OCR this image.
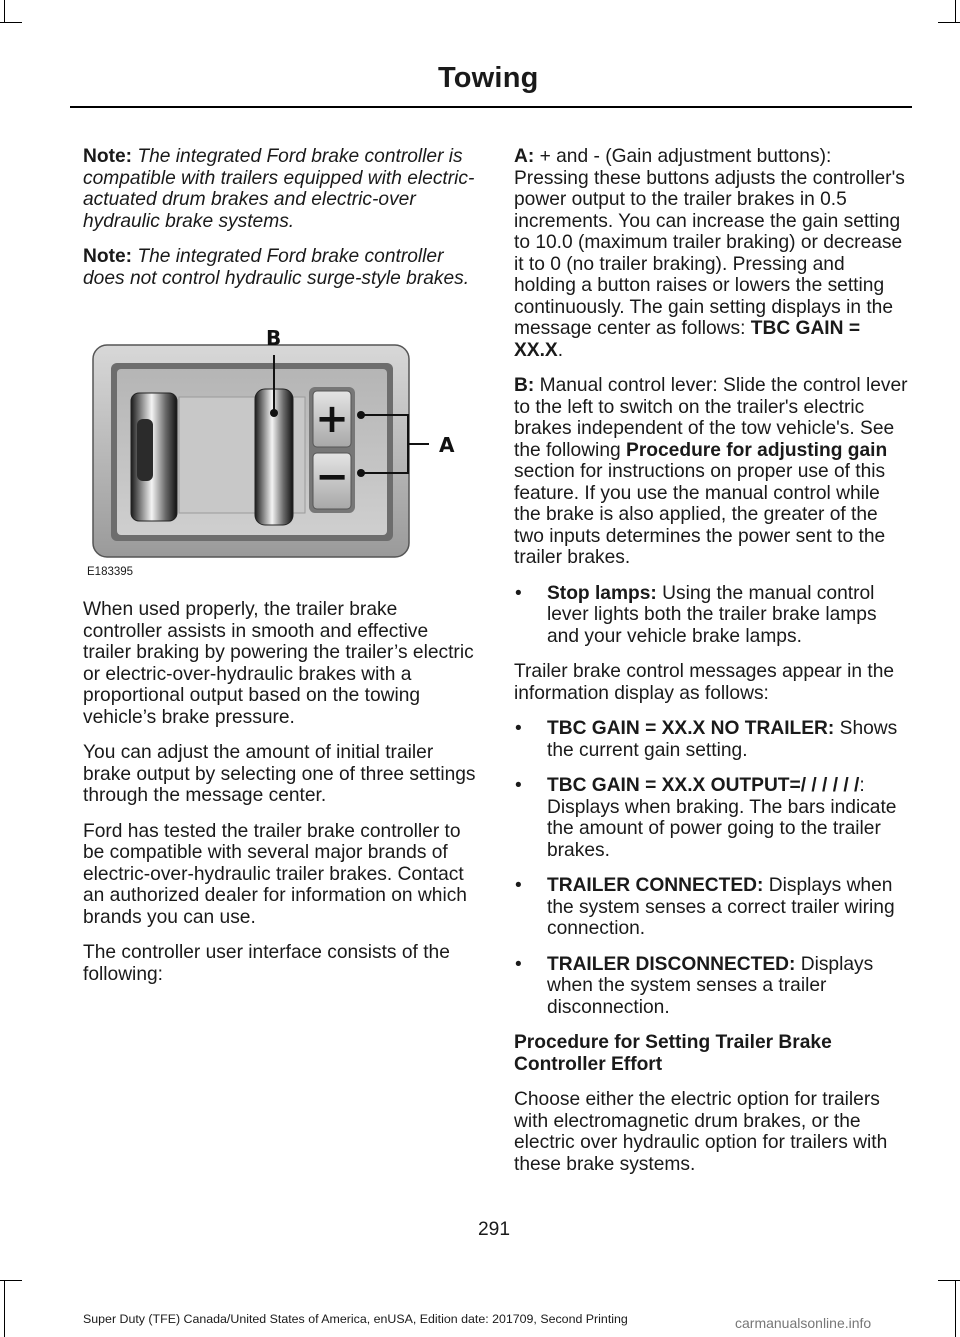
Towing

Note: The integrated Ford brake controller is compatible with trailers equipped with electric-actuated drum brakes and electric-over hydraulic brake systems.

Note: The integrated Ford brake controller does not control hydraulic surge-style brakes.

+
−
B
A
E183395

When used properly, the trailer brake controller assists in smooth and effective trailer braking by powering the trailer’s electric or electric-over-hydraulic brakes with a proportional output based on the towing vehicle’s brake pressure.

You can adjust the amount of initial trailer brake output by selecting one of three settings through the message center.

Ford has tested the trailer brake controller to be compatible with several major brands of electric-over-hydraulic trailer brakes. Contact an authorized dealer for information on which brands you can use.

The controller user interface consists of the following:

A: + and - (Gain adjustment buttons): Pressing these buttons adjusts the controller's power output to the trailer brakes in 0.5 increments. You can increase the gain setting to 10.0 (maximum trailer braking) or decrease it to 0 (no trailer braking). Pressing and holding a button raises or lowers the setting continuously. The gain setting displays in the message center as follows: TBC GAIN = XX.X.

B: Manual control lever: Slide the control lever to the left to switch on the trailer's electric brakes independent of the tow vehicle's. See the following Procedure for adjusting gain section for instructions on proper use of this feature. If you use the manual control while the brake is also applied, the greater of the two inputs determines the power sent to the trailer brakes.

• Stop lamps: Using the manual control lever lights both the trailer brake lamps and your vehicle brake lamps.

Trailer brake control messages appear in the information display as follows:

• TBC GAIN = XX.X NO TRAILER: Shows the current gain setting.
• TBC GAIN = XX.X OUTPUT=/ / / / / /: Displays when braking. The bars indicate the amount of power going to the trailer brakes.
• TRAILER CONNECTED: Displays when the system senses a correct trailer wiring connection.
• TRAILER DISCONNECTED: Displays when the system senses a trailer disconnection.
Procedure for Setting Trailer Brake Controller Effort

Choose either the electric option for trailers with electromagnetic drum brakes, or the electric over hydraulic option for trailers with these brake systems.

291
Super Duty (TFE) Canada/United States of America, enUSA, Edition date: 201709, Second Printing	carmanualsonline.info
